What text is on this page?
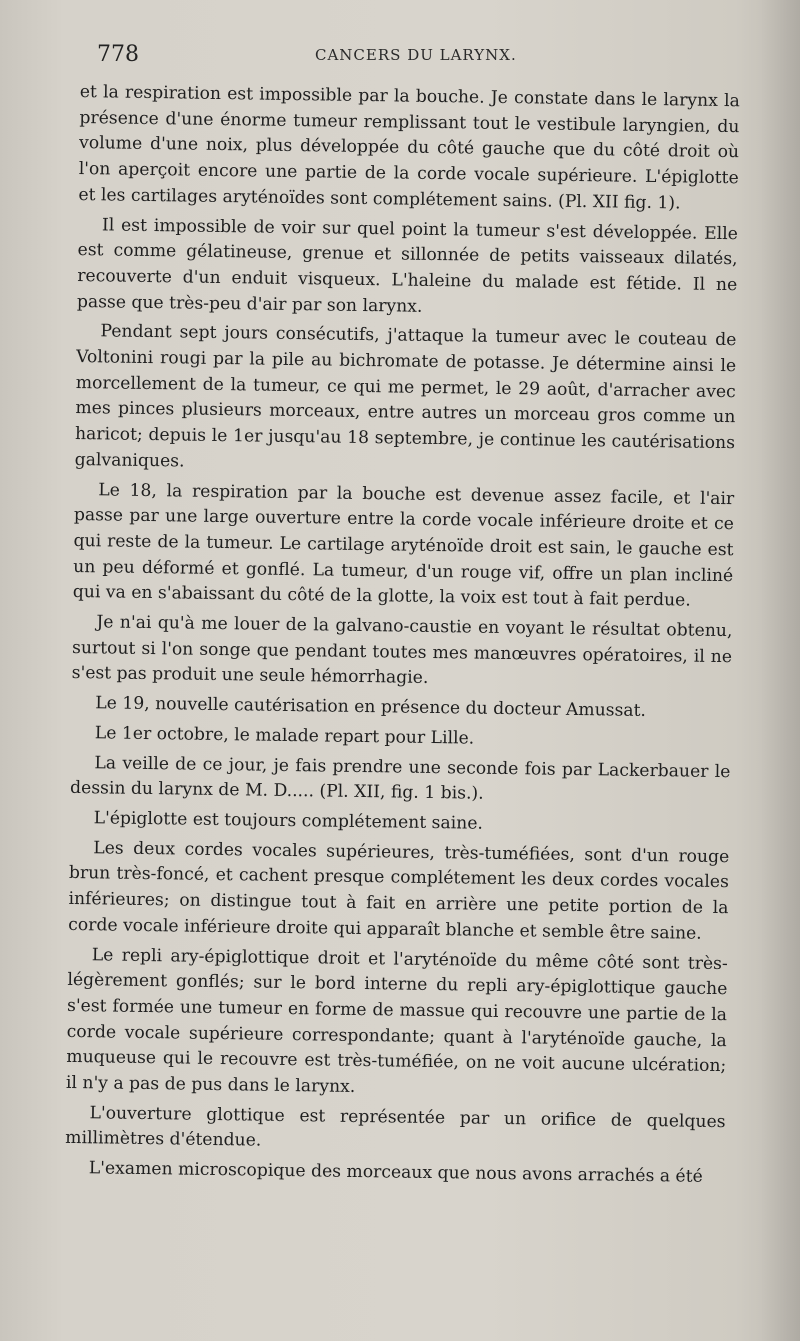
778	CANCERS DU LARYNX.

et la respiration est impossible par la bouche. Je constate dans le larynx la présence d'une énorme tumeur remplissant tout le vestibule laryngien, du volume d'une noix, plus développée du côté gauche que du côté droit où l'on aperçoit encore une partie de la corde vocale supérieure. L'épiglotte et les cartilages aryténoïdes sont complétement sains. (Pl. XII fig. 1).

Il est impossible de voir sur quel point la tumeur s'est développée. Elle est comme gélatineuse, grenue et sillonnée de petits vaisseaux dilatés, recouverte d'un enduit visqueux. L'haleine du malade est fétide. Il ne passe que très-peu d'air par son larynx.

Pendant sept jours consécutifs, j'attaque la tumeur avec le couteau de Voltonini rougi par la pile au bichromate de potasse. Je détermine ainsi le morcellement de la tumeur, ce qui me permet, le 29 août, d'arracher avec mes pinces plusieurs morceaux, entre autres un morceau gros comme un haricot; depuis le 1er jusqu'au 18 septembre, je continue les cautérisations galvaniques.

Le 18, la respiration par la bouche est devenue assez facile, et l'air passe par une large ouverture entre la corde vocale inférieure droite et ce qui reste de la tumeur. Le cartilage aryténoïde droit est sain, le gauche est un peu déformé et gonflé. La tumeur, d'un rouge vif, offre un plan incliné qui va en s'abaissant du côté de la glotte, la voix est tout à fait perdue.

Je n'ai qu'à me louer de la galvano-caustie en voyant le résultat obtenu, surtout si l'on songe que pendant toutes mes manœuvres opératoires, il ne s'est pas produit une seule hémorrhagie.

Le 19, nouvelle cautérisation en présence du docteur Amussat.

Le 1er octobre, le malade repart pour Lille.

La veille de ce jour, je fais prendre une seconde fois par Lackerbauer le dessin du larynx de M. D..... (Pl. XII, fig. 1 bis.).

L'épiglotte est toujours complétement saine.

Les deux cordes vocales supérieures, très-tuméfiées, sont d'un rouge brun très-foncé, et cachent presque complétement les deux cordes vocales inférieures; on distingue tout à fait en arrière une petite portion de la corde vocale inférieure droite qui apparaît blanche et semble être saine.

Le repli ary-épiglottique droit et l'aryténoïde du même côté sont très-légèrement gonflés; sur le bord interne du repli ary-épiglottique gauche s'est formée une tumeur en forme de massue qui recouvre une partie de la corde vocale supérieure correspondante; quant à l'aryténoïde gauche, la muqueuse qui le recouvre est très-tuméfiée, on ne voit aucune ulcération; il n'y a pas de pus dans le larynx.

L'ouverture glottique est représentée par un orifice de quelques millimètres d'étendue.

L'examen microscopique des morceaux que nous avons arrachés a été
